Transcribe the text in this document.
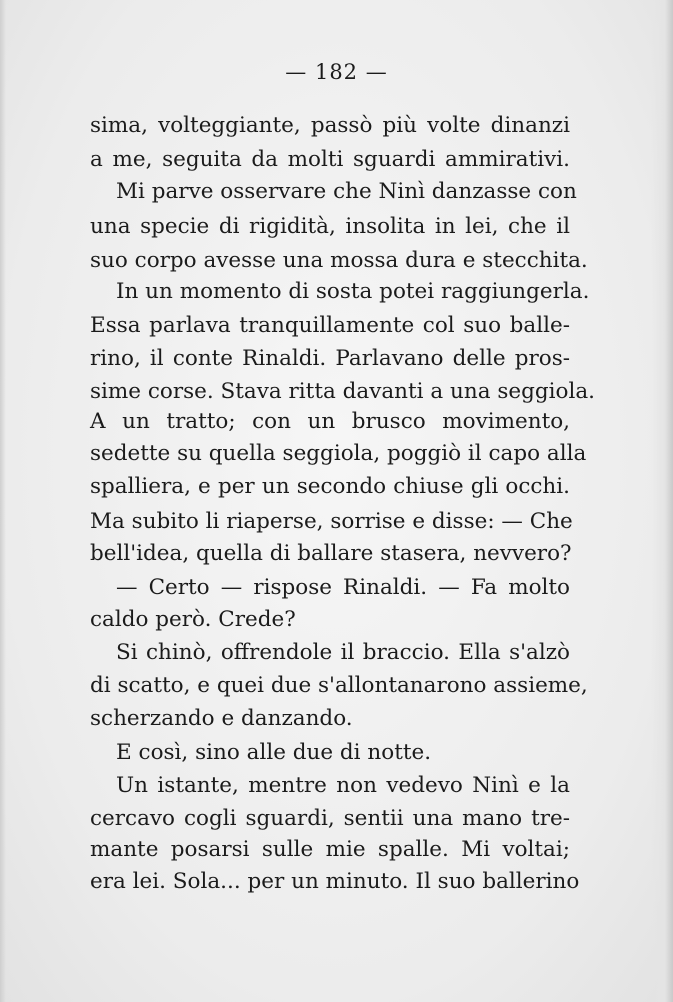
— 182 —
sima, volteggiante, passò più volte dinanzi
a me, seguita da molti sguardi ammirativi.
Mi parve osservare che Ninì danzasse con
una specie di rigidità, insolita in lei, che il
suo corpo avesse una mossa dura e stecchita.
In un momento di sosta potei raggiungerla.
Essa parlava tranquillamente col suo balle-
rino, il conte Rinaldi. Parlavano delle pros-
sime corse. Stava ritta davanti a una seggiola.
A un tratto; con un brusco movimento,
sedette su quella seggiola, poggiò il capo alla
spalliera, e per un secondo chiuse gli occhi.
Ma subito li riaperse, sorrise e disse: — Che
bell'idea, quella di ballare stasera, nevvero?
— Certo — rispose Rinaldi. — Fa molto
caldo però. Crede?
Si chinò, offrendole il braccio. Ella s'alzò
di scatto, e quei due s'allontanarono assieme,
scherzando e danzando.
E così, sino alle due di notte.
Un istante, mentre non vedevo Ninì e la
cercavo cogli sguardi, sentii una mano tre-
mante posarsi sulle mie spalle. Mi voltai;
era lei. Sola... per un minuto. Il suo ballerino
